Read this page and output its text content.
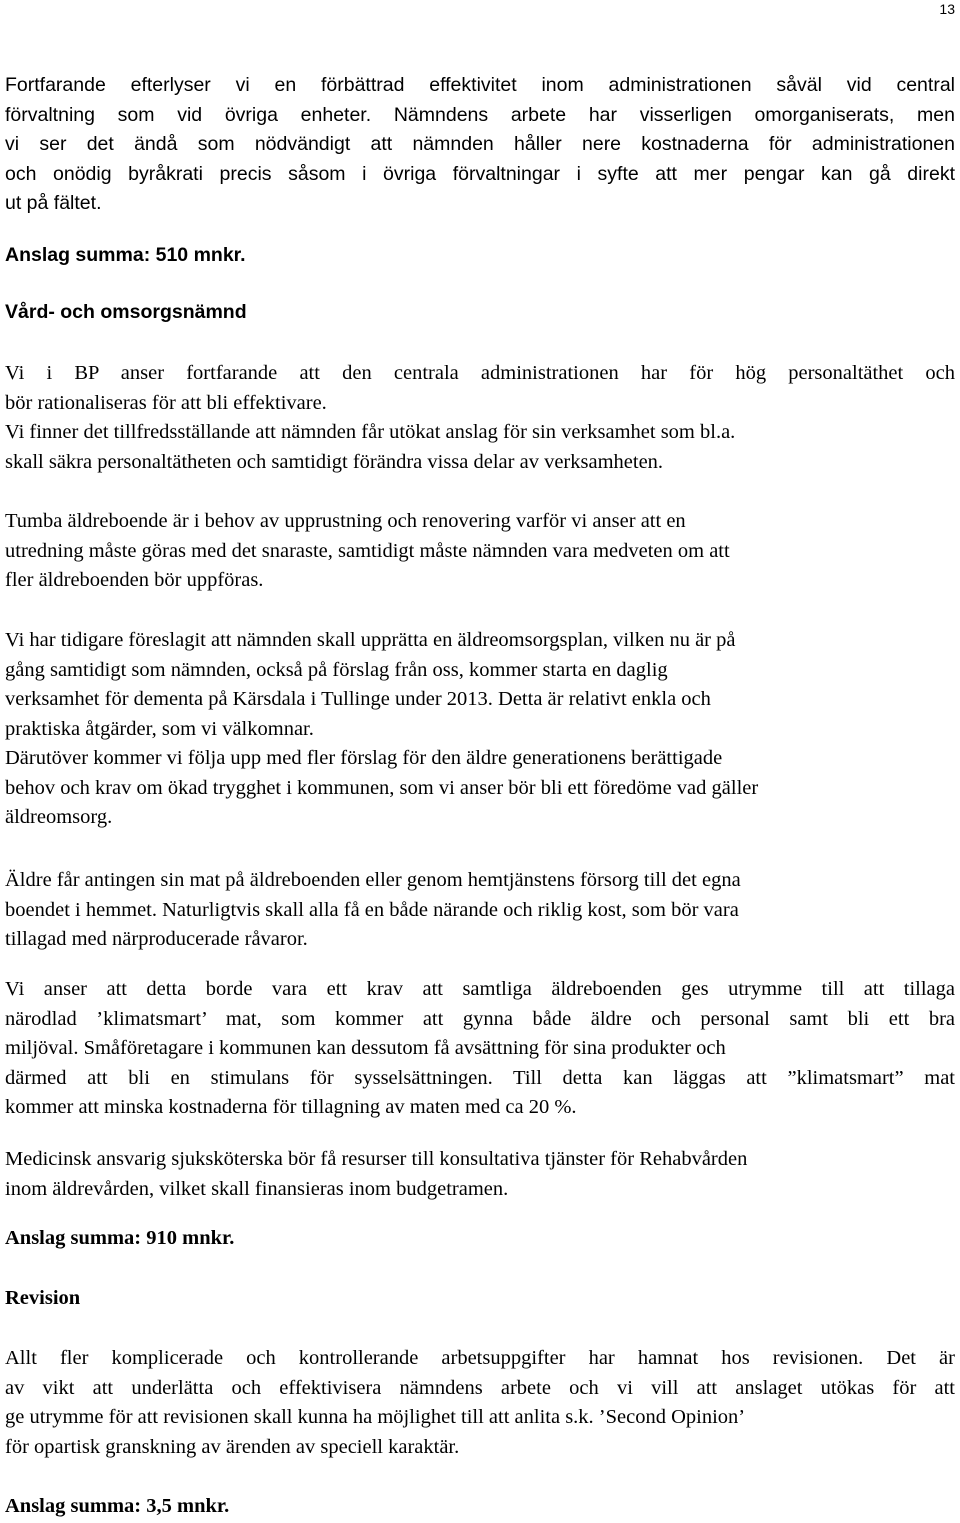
13
Fortfarande efterlyser vi en förbättrad effektivitet inom administrationen såväl vid central
förvaltning som vid övriga enheter. Nämndens arbete har visserligen omorganiserats, men
vi ser det ändå som nödvändigt att nämnden håller nere kostnaderna för administrationen
och onödig byråkrati precis såsom i övriga förvaltningar i syfte att mer pengar kan gå direkt
ut på fältet.
Anslag summa: 510 mnkr.
Vård- och omsorgsnämnd
Vi i BP anser fortfarande att den centrala administrationen har för hög personaltäthet och
bör rationaliseras för att bli effektivare.
Vi finner det tillfredsställande att nämnden får utökat anslag för sin verksamhet som bl.a.
skall säkra personaltätheten och samtidigt förändra vissa delar av verksamheten.
Tumba äldreboende är i behov av upprustning och renovering varför vi anser att en
utredning måste göras med det snaraste, samtidigt måste nämnden vara medveten om att
fler äldreboenden bör uppföras.
Vi har tidigare föreslagit att nämnden skall upprätta en äldreomsorgsplan, vilken nu är på
gång samtidigt som nämnden, också på förslag från oss, kommer starta en daglig
verksamhet för dementa på Kärsdala i Tullinge under 2013. Detta är relativt enkla och
praktiska åtgärder, som vi välkomnar.
Därutöver kommer vi följa upp med fler förslag för den äldre generationens berättigade
behov och krav om ökad trygghet i kommunen, som vi anser bör bli ett föredöme vad gäller
äldreomsorg.
Äldre får antingen sin mat på äldreboenden eller genom hemtjänstens försorg till det egna
boendet i hemmet. Naturligtvis skall alla få en både närande och riklig kost, som bör vara
tillagad med närproducerade råvaror.
Vi anser att detta borde vara ett krav att samtliga äldreboenden ges utrymme till att tillaga
närodlad ’klimatsmart’ mat, som kommer att gynna både äldre och personal samt bli ett bra
miljöval. Småföretagare i kommunen kan dessutom få avsättning för sina produkter och
därmed att bli en stimulans för sysselsättningen. Till detta kan läggas att ”klimatsmart” mat
kommer att minska kostnaderna för tillagning av maten med ca 20 %.
Medicinsk ansvarig sjuksköterska bör få resurser till konsultativa tjänster för Rehabvården
inom äldrevården, vilket skall finansieras inom budgetramen.
Anslag summa: 910 mnkr.
Revision
Allt fler komplicerade och kontrollerande arbetsuppgifter har hamnat hos revisionen. Det är
av vikt att underlätta och effektivisera nämndens arbete och vi vill att anslaget utökas för att
ge utrymme för att revisionen skall kunna ha möjlighet till att anlita s.k. ’Second Opinion’
för opartisk granskning av ärenden av speciell karaktär.
Anslag summa: 3,5 mnkr.
